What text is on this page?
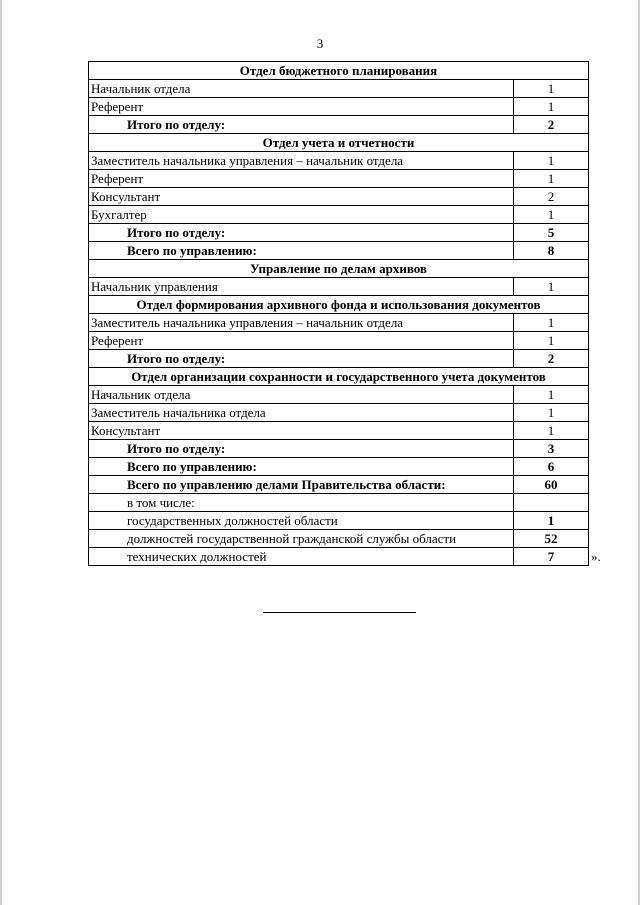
3
Отдел бюджетного планирования	
Начальник отдела	1
Референт	1
Итого по отделу:	2
Отдел учета и отчетности	
Заместитель начальника управления – начальник отдела	1
Референт	1
Консультант	2
Бухгалтер	1
Итого по отделу:	5
Всего по управлению:	8
Управление по делам архивов	
Начальник управления	1
Отдел формирования архивного фонда и использования документов	
Заместитель начальника управления – начальник отдела	1
Референт	1
Итого по отделу:	2
Отдел организации сохранности и государственного учета документов	
Начальник отдела	1
Заместитель начальника отдела	1
Консультант	1
Итого по отделу:	3
Всего по управлению:	6
Всего по управлению делами Правительства области:	60
в том числе:	
государственных должностей области	1
должностей государственной гражданской службы области	52
технических должностей	7	».
